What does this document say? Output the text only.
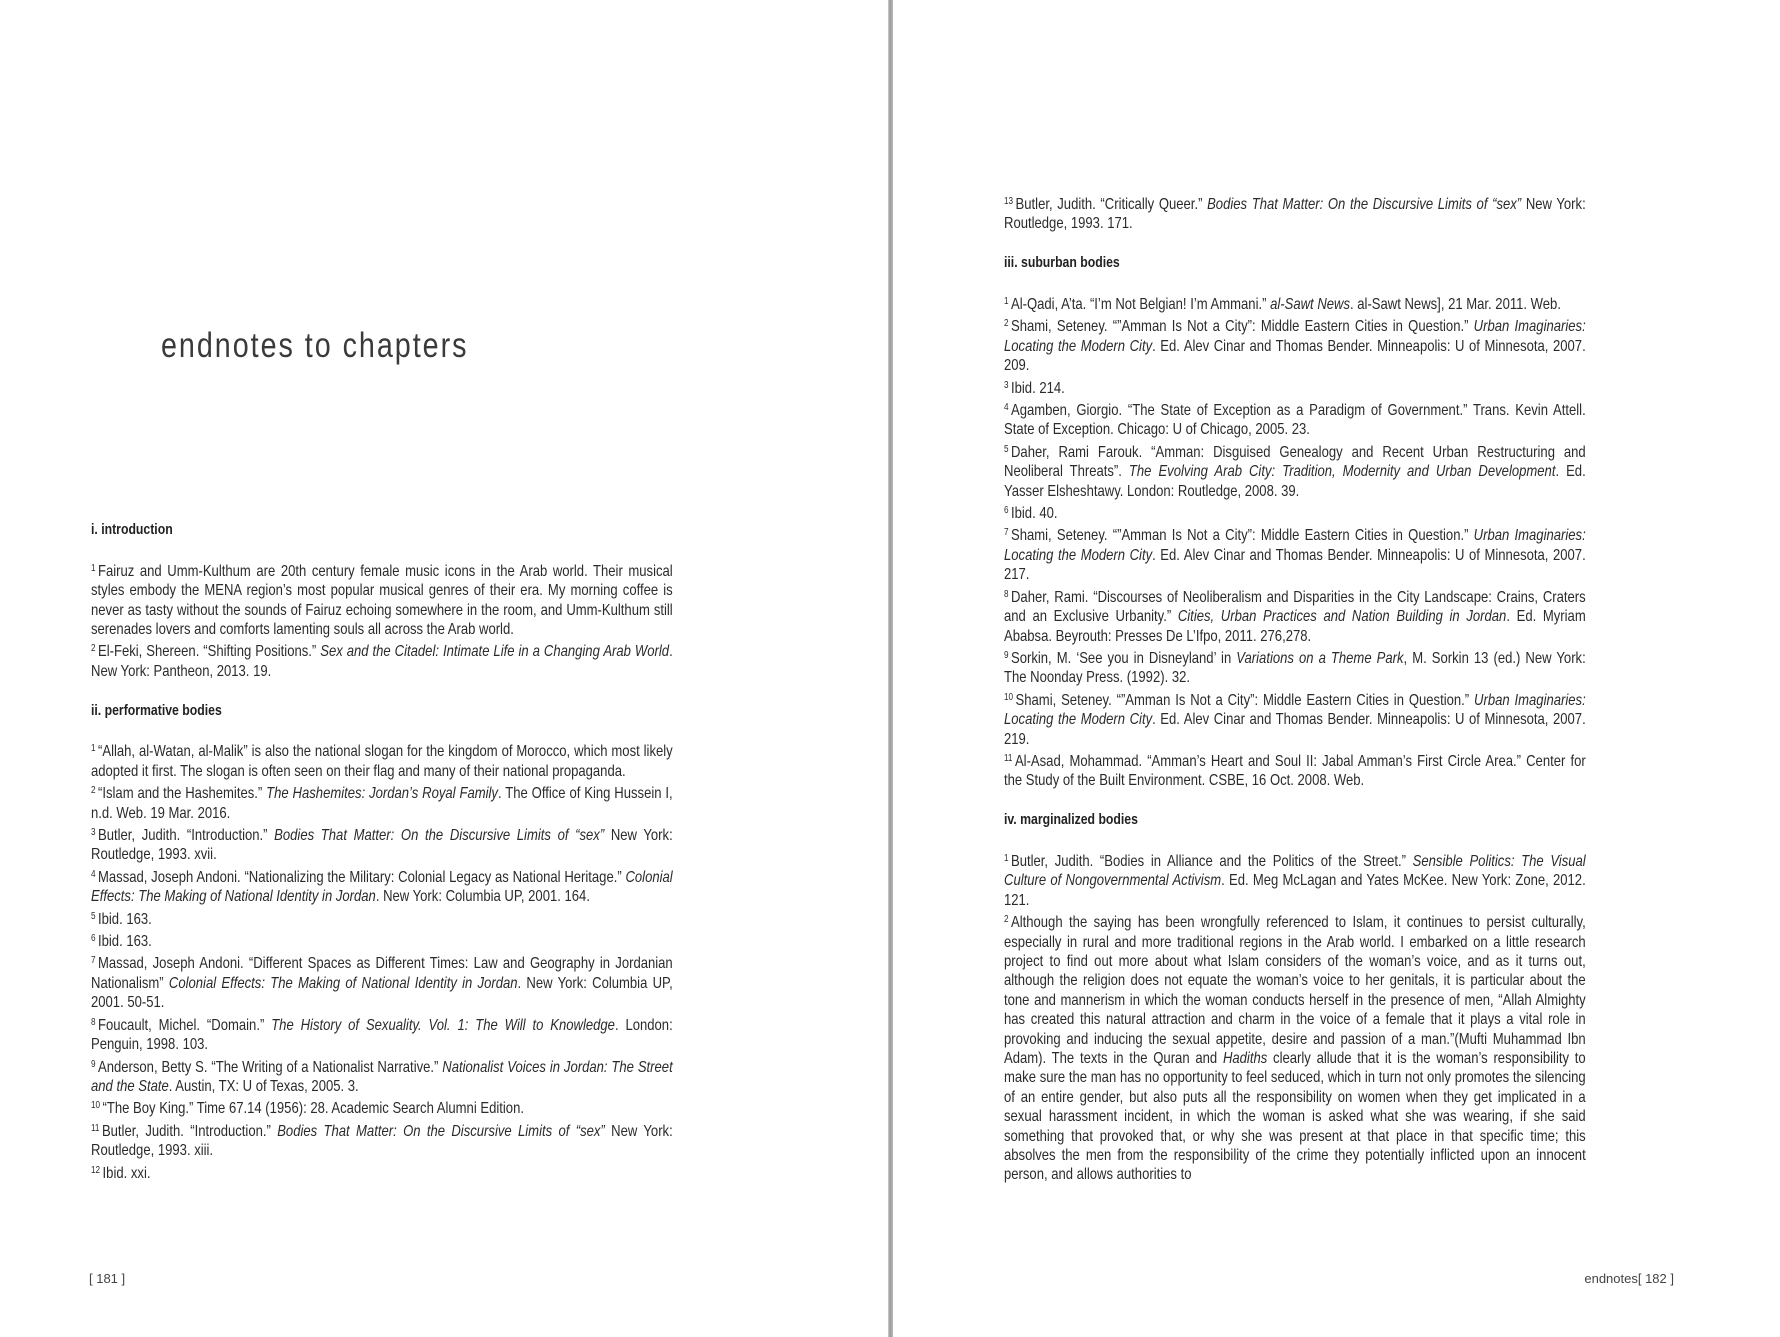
endnotes to chapters
i. introduction

$^1$ Fairuz and Umm-Kulthum are 20th century female music icons in the Arab world. Their musical styles embody the MENA region’s most popular musical genres of their era. My morning coffee is never as tasty without the sounds of Fairuz echoing somewhere in the room, and Umm-Kulthum still serenades lovers and comforts lamenting souls all across the Arab world.

$^2$ El-Feki, Shereen. “Shifting Positions.” Sex and the Citadel: Intimate Life in a Changing Arab World. New York: Pantheon, 2013. 19.

ii. performative bodies

$^1$ “Allah, al-Watan, al-Malik” is also the national slogan for the kingdom of Morocco, which most likely adopted it first. The slogan is often seen on their flag and many of their national propaganda.

$^2$ “Islam and the Hashemites.” The Hashemites: Jordan’s Royal Family. The Office of King Hussein I, n.d. Web. 19 Mar. 2016.

$^3$ Butler, Judith. “Introduction.” Bodies That Matter: On the Discursive Limits of “sex” New York: Routledge, 1993. xvii.

$^4$ Massad, Joseph Andoni. “Nationalizing the Military: Colonial Legacy as National Heritage.” Colonial Effects: The Making of National Identity in Jordan. New York: Columbia UP, 2001. 164.

$^5$ Ibid. 163.

$^6$ Ibid. 163.

$^7$ Massad, Joseph Andoni. “Different Spaces as Different Times: Law and Geography in Jordanian Nationalism” Colonial Effects: The Making of National Identity in Jordan. New York: Columbia UP, 2001. 50-51.

$^8$ Foucault, Michel. “Domain.” The History of Sexuality. Vol. 1: The Will to Knowledge. London: Penguin, 1998. 103.

$^9$ Anderson, Betty S. “The Writing of a Nationalist Narrative.” Nationalist Voices in Jordan: The Street and the State. Austin, TX: U of Texas, 2005. 3.

$^{10}$ “The Boy King.” Time 67.14 (1956): 28. Academic Search Alumni Edition.

$^{11}$ Butler, Judith. “Introduction.” Bodies That Matter: On the Discursive Limits of “sex” New York: Routledge, 1993. xiii.

$^{12}$ Ibid. xxi.

[ 181 ]

$^{13}$ Butler, Judith. “Critically Queer.” Bodies That Matter: On the Discursive Limits of “sex” New York: Routledge, 1993. 171.

iii. suburban bodies

$^1$ Al-Qadi, A’ta. “I’m Not Belgian! I’m Ammani.” al-Sawt News. al-Sawt News], 21 Mar. 2011. Web.

$^2$ Shami, Seteney. “”Amman Is Not a City”: Middle Eastern Cities in Question.” Urban Imaginaries: Locating the Modern City. Ed. Alev Cinar and Thomas Bender. Minneapolis: U of Minnesota, 2007. 209.

$^3$ Ibid. 214.

$^4$ Agamben, Giorgio. “The State of Exception as a Paradigm of Government.” Trans. Kevin Attell. State of Exception. Chicago: U of Chicago, 2005. 23.

$^5$ Daher, Rami Farouk. “Amman: Disguised Genealogy and Recent Urban Restructuring and Neoliberal Threats”. The Evolving Arab City: Tradition, Modernity and Urban Development. Ed. Yasser Elsheshtawy. London: Routledge, 2008. 39.

$^6$ Ibid. 40.

$^7$ Shami, Seteney. “”Amman Is Not a City”: Middle Eastern Cities in Question.” Urban Imaginaries: Locating the Modern City. Ed. Alev Cinar and Thomas Bender. Minneapolis: U of Minnesota, 2007. 217.

$^8$ Daher, Rami. “Discourses of Neoliberalism and Disparities in the City Landscape: Crains, Craters and an Exclusive Urbanity.” Cities, Urban Practices and Nation Building in Jordan. Ed. Myriam Ababsa. Beyrouth: Presses De L’Ifpo, 2011. 276,278.

$^9$ Sorkin, M. ‘See you in Disneyland’ in Variations on a Theme Park, M. Sorkin 13 (ed.) New York: The Noonday Press. (1992). 32.

$^{10}$ Shami, Seteney. “”Amman Is Not a City”: Middle Eastern Cities in Question.” Urban Imaginaries: Locating the Modern City. Ed. Alev Cinar and Thomas Bender. Minneapolis: U of Minnesota, 2007. 219.

$^{11}$ Al-Asad, Mohammad. “Amman’s Heart and Soul II: Jabal Amman’s First Circle Area.” Center for the Study of the Built Environment. CSBE, 16 Oct. 2008. Web.

iv. marginalized bodies

$^1$ Butler, Judith. “Bodies in Alliance and the Politics of the Street.” Sensible Politics: The Visual Culture of Nongovernmental Activism. Ed. Meg McLagan and Yates McKee. New York: Zone, 2012. 121.

$^2$ Although the saying has been wrongfully referenced to Islam, it continues to persist culturally, especially in rural and more traditional regions in the Arab world. I embarked on a little research project to find out more about what Islam considers of the woman’s voice, and as it turns out, although the religion does not equate the woman’s voice to her genitals, it is particular about the tone and mannerism in which the woman conducts herself in the presence of men, “Allah Almighty has created this natural attraction and charm in the voice of a female that it plays a vital role in provoking and inducing the sexual appetite, desire and passion of a man.”(Mufti Muhammad Ibn Adam). The texts in the Quran and Hadiths clearly allude that it is the woman’s responsibility to make sure the man has no opportunity to feel seduced, which in turn not only promotes the silencing of an entire gender, but also puts all the responsibility on women when they get implicated in a sexual harassment incident, in which the woman is asked what she was wearing, if she said something that provoked that, or why she was present at that place in that specific time; this absolves the men from the responsibility of the crime they potentially inflicted upon an innocent person, and allows authorities to

endnotes[ 182 ]
